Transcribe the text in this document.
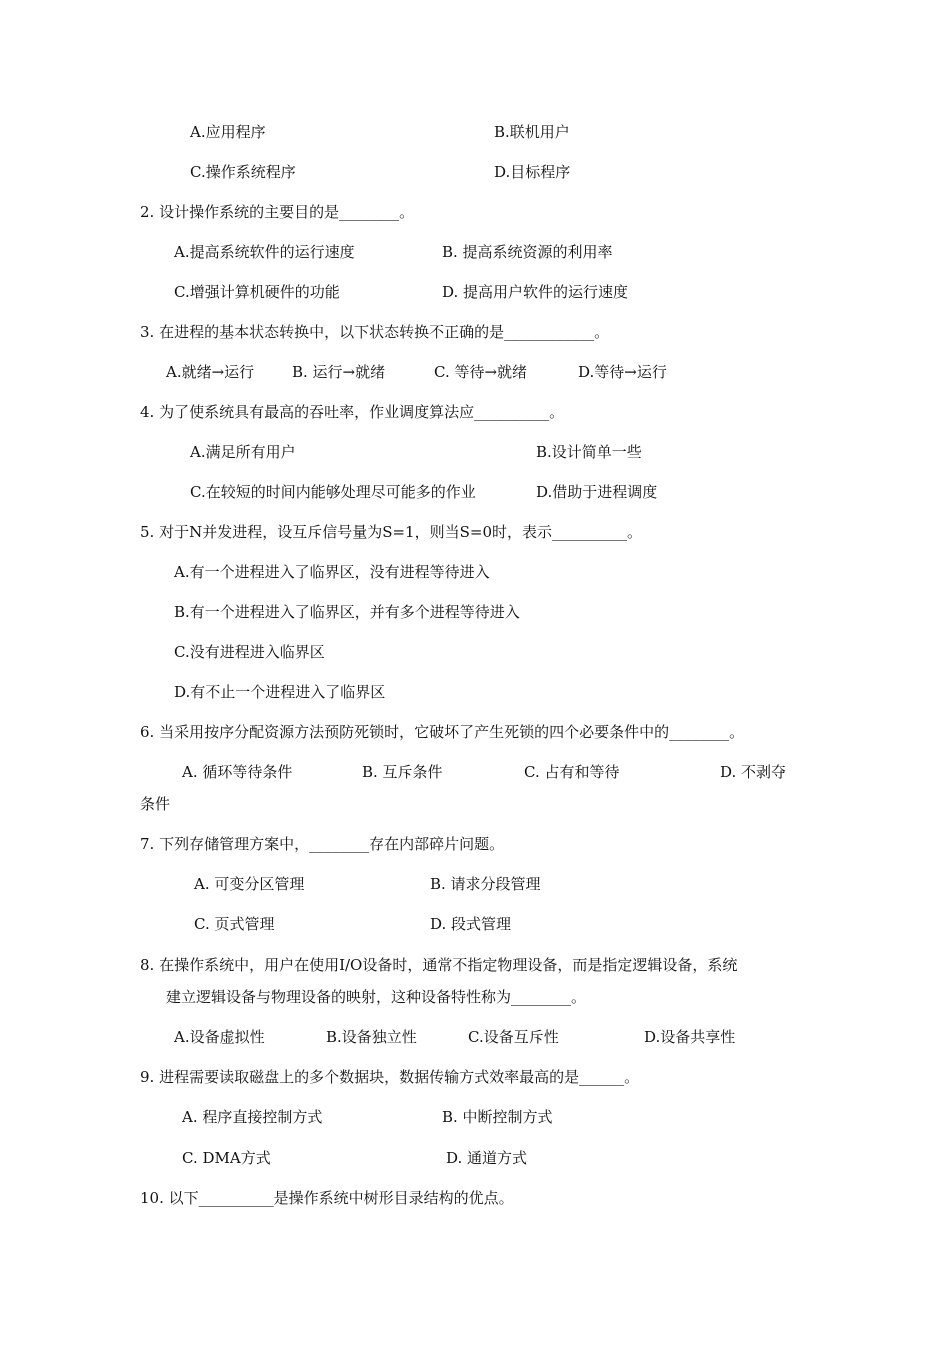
A.应用程序	B.联机用户
C.操作系统程序	D.目标程序
2. 设计操作系统的主要目的是________。
A.提高系统软件的运行速度	B. 提高系统资源的利用率
C.增强计算机硬件的功能	D. 提高用户软件的运行速度
3. 在进程的基本状态转换中，以下状态转换不正确的是____________。
A.就绪→运行	B. 运行→就绪	C. 等待→就绪	D.等待→运行
4. 为了使系统具有最高的吞吐率，作业调度算法应__________。
A.满足所有用户	B.设计简单一些
C.在较短的时间内能够处理尽可能多的作业	D.借助于进程调度
5. 对于N并发进程，设互斥信号量为S=1，则当S=0时，表示__________。
A.有一个进程进入了临界区，没有进程等待进入
B.有一个进程进入了临界区，并有多个进程等待进入
C.没有进程进入临界区
D.有不止一个进程进入了临界区
6. 当采用按序分配资源方法预防死锁时，它破坏了产生死锁的四个必要条件中的________。
A. 循环等待条件	B. 互斥条件	C. 占有和等待	D. 不剥夺
条件
7. 下列存储管理方案中，________存在内部碎片问题。
A. 可变分区管理	B. 请求分段管理
C. 页式管理	D. 段式管理
8. 在操作系统中，用户在使用I/O设备时，通常不指定物理设备，而是指定逻辑设备，系统
建立逻辑设备与物理设备的映射，这种设备特性称为________。
A.设备虚拟性	B.设备独立性	C.设备互斥性	D.设备共享性
9. 进程需要读取磁盘上的多个数据块，数据传输方式效率最高的是______。
A. 程序直接控制方式	B. 中断控制方式
C. DMA方式	D. 通道方式
10. 以下__________是操作系统中树形目录结构的优点。
